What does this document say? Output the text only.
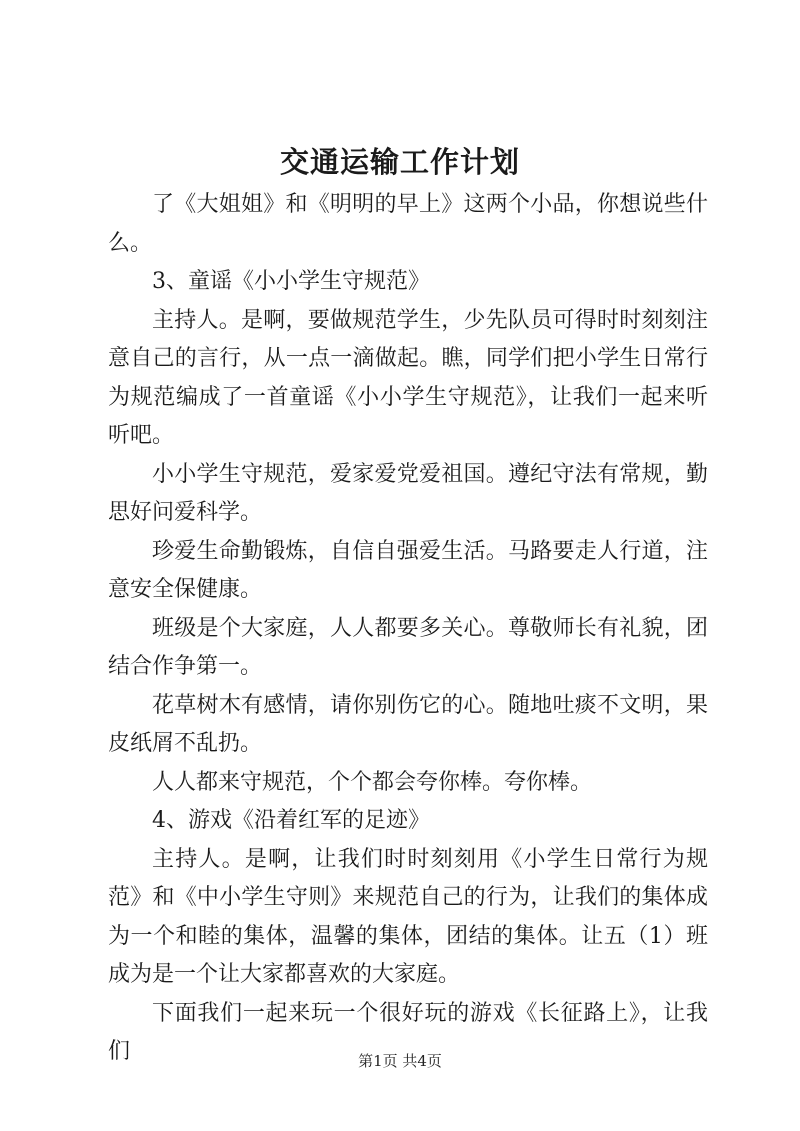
交通运输工作计划

了《大姐姐》和《明明的早上》这两个小品，你想说些什么。

3、童谣《小小学生守规范》

主持人。是啊，要做规范学生，少先队员可得时时刻刻注意自己的言行，从一点一滴做起。瞧，同学们把小学生日常行为规范编成了一首童谣《小小学生守规范》，让我们一起来听听吧。

小小学生守规范，爱家爱党爱祖国。遵纪守法有常规，勤思好问爱科学。

珍爱生命勤锻炼，自信自强爱生活。马路要走人行道，注意安全保健康。

班级是个大家庭，人人都要多关心。尊敬师长有礼貌，团结合作争第一。

花草树木有感情，请你别伤它的心。随地吐痰不文明，果皮纸屑不乱扔。

人人都来守规范，个个都会夸你棒。夸你棒。

4、游戏《沿着红军的足迹》

主持人。是啊，让我们时时刻刻用《小学生日常行为规范》和《中小学生守则》来规范自己的行为，让我们的集体成为一个和睦的集体，温馨的集体，团结的集体。让五（1）班成为是一个让大家都喜欢的大家庭。

下面我们一起来玩一个很好玩的游戏《长征路上》，让我们	第1页 共4页
